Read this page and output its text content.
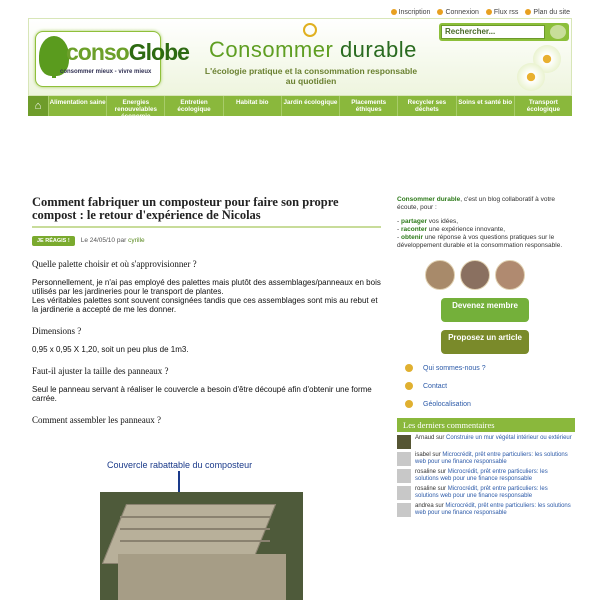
Inscription	Connexion	Flux rss	Plan du site
consoGlobe
consommer mieux - vivre mieux
Consommer durable
L'écologie pratique et la consommation responsable au quotidien
Rechercher...
⌂	Alimentation saine	Energies renouvelables économie d'énergie
Entretien écologique
Habitat bio	Jardin écologique	Placements éthiques
Recycler ses déchets
Soins et santé bio	Transport écologique
Comment fabriquer un composteur pour faire son propre compost : le retour d'expérience de Nicolas
JE RÉAGIS !	Le 24/05/10 par cyrille
Quelle palette choisir et où s'approvisionner ?
Personnellement, je n'ai pas employé des palettes mais plutôt des assemblages/panneaux en bois utilisés par les jardineries pour le transport de plantes.
Les véritables palettes sont souvent consignées tandis que ces assemblages sont mis au rebut et la jardinerie a accepté de me les donner.
Dimensions ?
0,95 x 0,95 X 1,20, soit un peu plus de 1m3.
Faut-il ajuster la taille des panneaux ?
Seul le panneau servant à réaliser le couvercle a besoin d'être découpé afin d'obtenir une forme carrée.
Comment assembler les panneaux ?
Couvercle rabattable du composteur
Consommer durable, c'est un blog collaboratif à votre écoute, pour :
- partager vos idées,
- raconter une expérience innovante,
- obtenir une réponse à vos questions pratiques sur le développement durable et la consommation responsable.
Devenez membre
Proposez un article
Qui sommes-nous ?
Contact
Géolocalisation
Les derniers commentaires
Arnaud sur Construire un mur végétal intérieur ou extérieur
isabel sur Microcrédit, prêt entre particuliers: les solutions web pour une finance responsable
rosaline sur Microcrédit, prêt entre particuliers: les solutions web pour une finance responsable
rosaline sur Microcrédit, prêt entre particuliers: les solutions web pour une finance responsable
andrea sur Microcrédit, prêt entre particuliers: les solutions web pour une finance responsable
